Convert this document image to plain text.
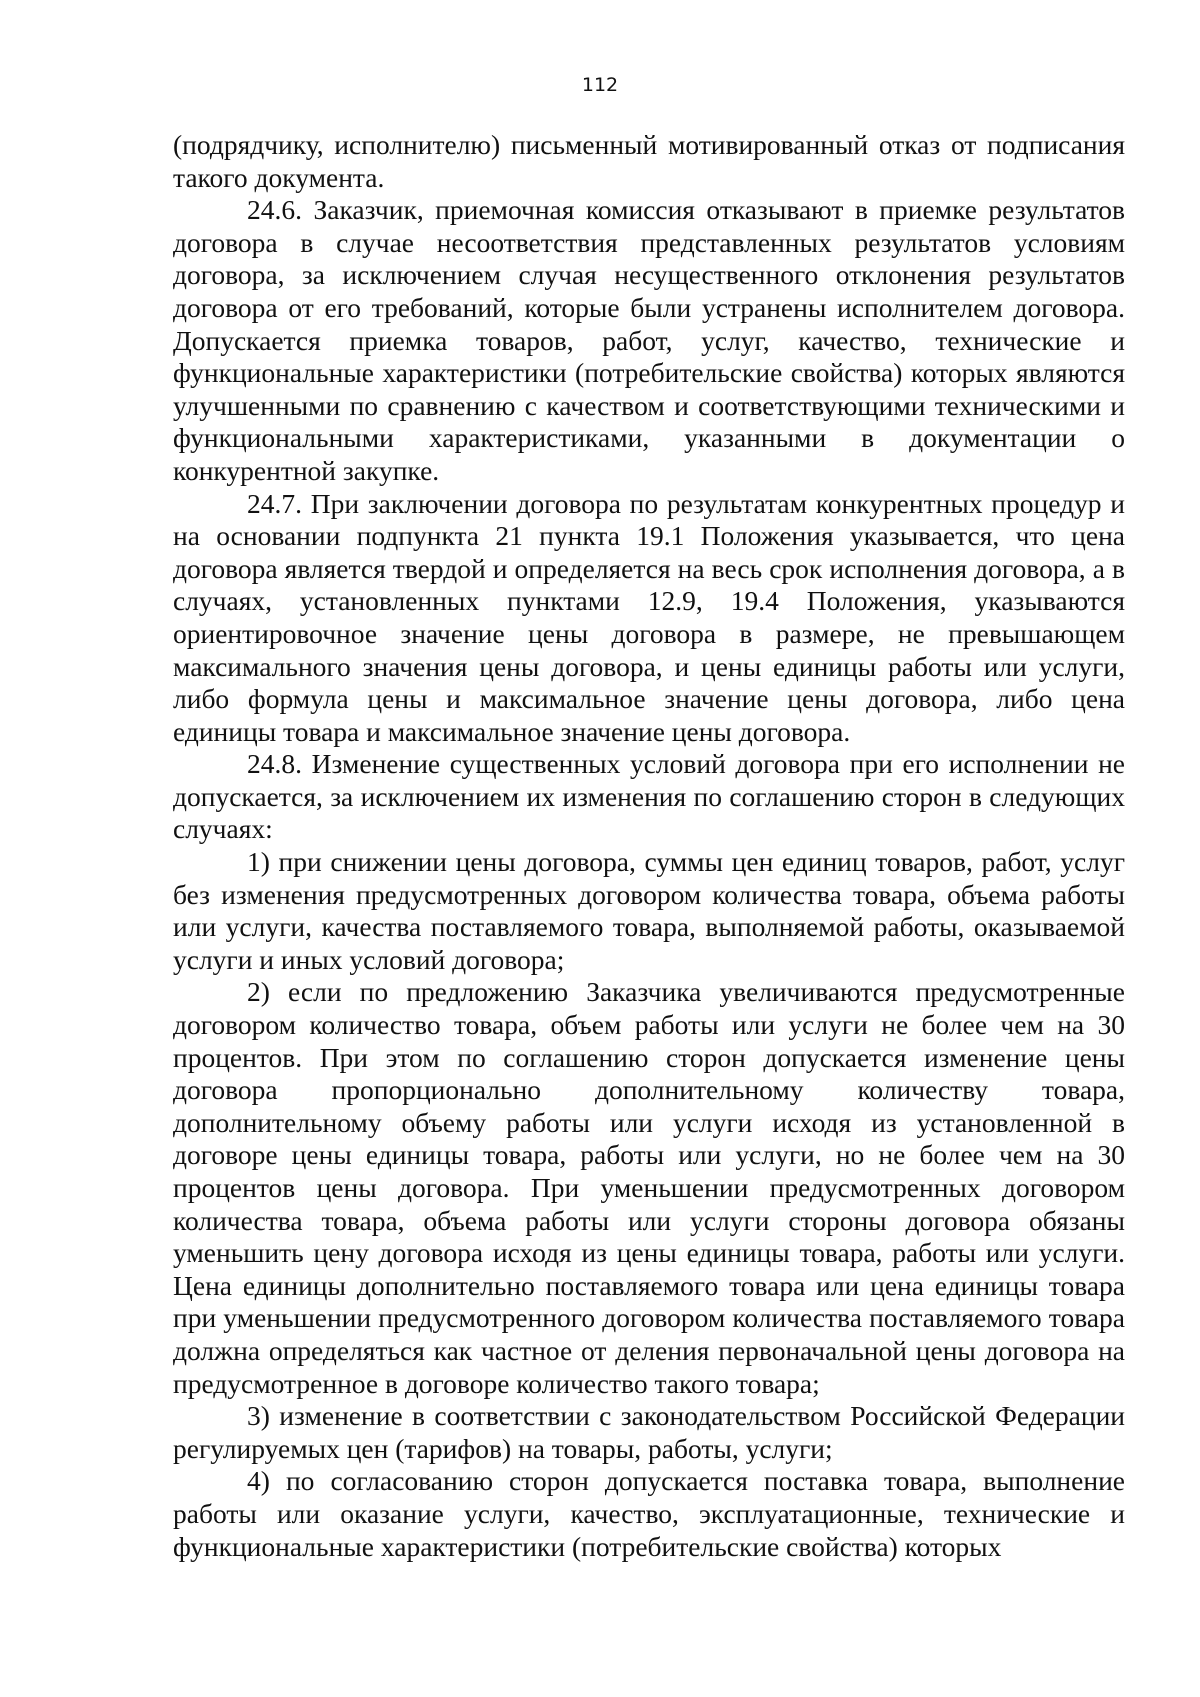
112

(подрядчику, исполнителю) письменный мотивированный отказ от подписания такого документа.

24.6. Заказчик, приемочная комиссия отказывают в приемке результатов договора в случае несоответствия представленных результатов условиям договора, за исключением случая несущественного отклонения результатов договора от его требований, которые были устранены исполнителем договора. Допускается приемка товаров, работ, услуг, качество, технические и функциональные характеристики (потребительские свойства) которых являются улучшенными по сравнению с качеством и соответствующими техническими и функциональными характеристиками, указанными в документации о конкурентной закупке.

24.7. При заключении договора по результатам конкурентных процедур и на основании подпункта 21 пункта 19.1 Положения указывается, что цена договора является твердой и определяется на весь срок исполнения договора, а в случаях, установленных пунктами 12.9, 19.4 Положения, указываются ориентировочное значение цены договора в размере, не превышающем максимального значения цены договора, и цены единицы работы или услуги, либо формула цены и максимальное значение цены договора, либо цена единицы товара и максимальное значение цены договора.

24.8. Изменение существенных условий договора при его исполнении не допускается, за исключением их изменения по соглашению сторон в следующих случаях:

1) при снижении цены договора, суммы цен единиц товаров, работ, услуг без изменения предусмотренных договором количества товара, объема работы или услуги, качества поставляемого товара, выполняемой работы, оказываемой услуги и иных условий договора;

2) если по предложению Заказчика увеличиваются предусмотренные договором количество товара, объем работы или услуги не более чем на 30 процентов. При этом по соглашению сторон допускается изменение цены договора пропорционально дополнительному количеству товара, дополнительному объему работы или услуги исходя из установленной в договоре цены единицы товара, работы или услуги, но не более чем на 30 процентов цены договора. При уменьшении предусмотренных договором количества товара, объема работы или услуги стороны договора обязаны уменьшить цену договора исходя из цены единицы товара, работы или услуги. Цена единицы дополнительно поставляемого товара или цена единицы товара при уменьшении предусмотренного договором количества поставляемого товара должна определяться как частное от деления первоначальной цены договора на предусмотренное в договоре количество такого товара;

3) изменение в соответствии с законодательством Российской Федерации регулируемых цен (тарифов) на товары, работы, услуги;

4) по согласованию сторон допускается поставка товара, выполнение работы или оказание услуги, качество, эксплуатационные, технические и функциональные характеристики (потребительские свойства) которых
